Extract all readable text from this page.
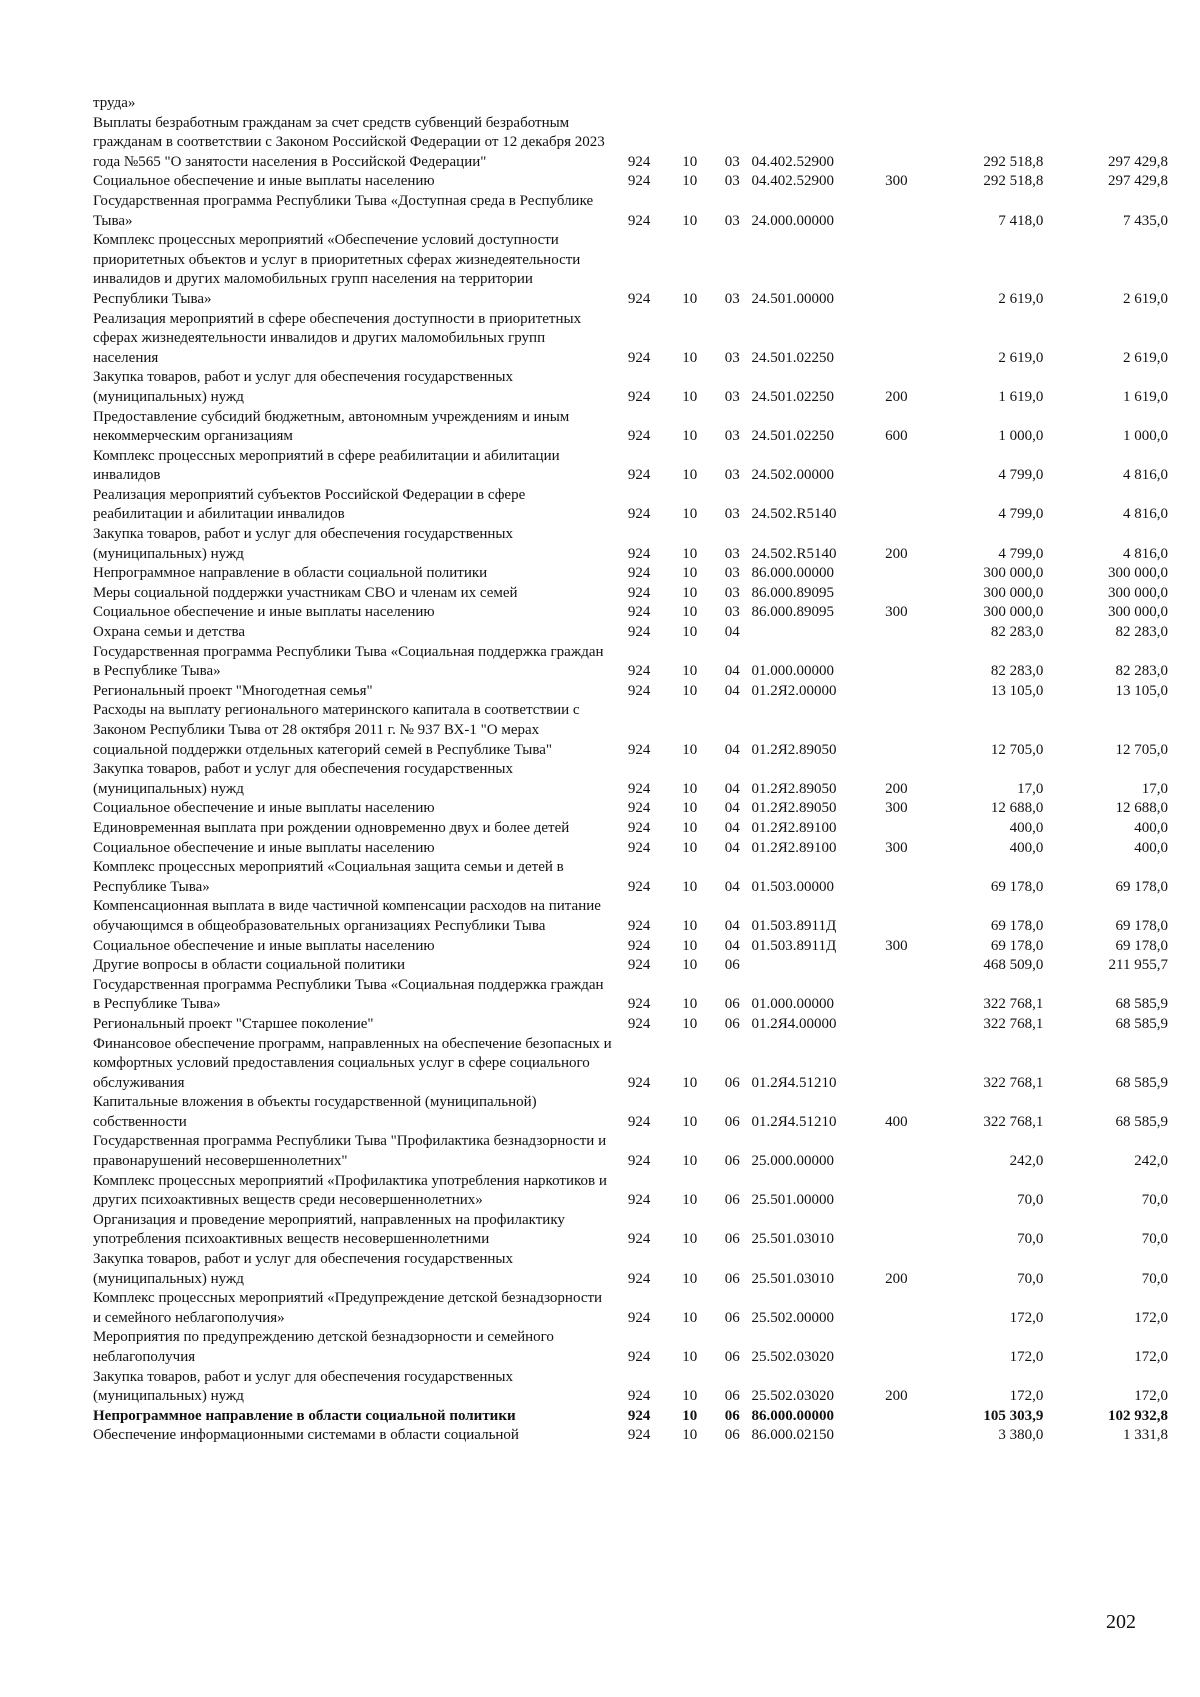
труда»							
Выплаты безработным гражданам за счет средств субвенций безработным гражданам в соответствии с Законом Российской Федерации от 12 декабря 2023 года №565 "О занятости населения в Российской Федерации"	924	10	03	04.402.52900		292 518,8	297 429,8
Социальное обеспечение и иные выплаты населению	924	10	03	04.402.52900	300	292 518,8	297 429,8
Государственная программа Республики Тыва «Доступная среда в Республике Тыва»	924	10	03	24.000.00000		7 418,0	7 435,0
Комплекс процессных мероприятий «Обеспечение условий доступности приоритетных объектов и услуг в приоритетных сферах жизнедеятельности инвалидов и других маломобильных групп населения на территории Республики Тыва»	924	10	03	24.501.00000		2 619,0	2 619,0
Реализация мероприятий в сфере обеспечения доступности в приоритетных сферах жизнедеятельности инвалидов и других маломобильных групп населения	924	10	03	24.501.02250		2 619,0	2 619,0
Закупка товаров, работ и услуг для обеспечения государственных (муниципальных) нужд	924	10	03	24.501.02250	200	1 619,0	1 619,0
Предоставление субсидий бюджетным, автономным учреждениям и иным некоммерческим организациям	924	10	03	24.501.02250	600	1 000,0	1 000,0
Комплекс процессных мероприятий в сфере реабилитации и абилитации инвалидов	924	10	03	24.502.00000		4 799,0	4 816,0
Реализация мероприятий субъектов Российской Федерации в сфере реабилитации и абилитации инвалидов	924	10	03	24.502.R5140		4 799,0	4 816,0
Закупка товаров, работ и услуг для обеспечения государственных (муниципальных) нужд	924	10	03	24.502.R5140	200	4 799,0	4 816,0
Непрограммное направление в области социальной политики	924	10	03	86.000.00000		300 000,0	300 000,0
Меры социальной поддержки участникам СВО и членам их семей	924	10	03	86.000.89095		300 000,0	300 000,0
Социальное обеспечение и иные выплаты населению	924	10	03	86.000.89095	300	300 000,0	300 000,0
Охрана семьи и детства	924	10	04			82 283,0	82 283,0
Государственная программа Республики Тыва «Социальная поддержка граждан в Республике Тыва»	924	10	04	01.000.00000		82 283,0	82 283,0
Региональный проект "Многодетная семья"	924	10	04	01.2Я2.00000		13 105,0	13 105,0
Расходы на выплату регионального материнского капитала в соответствии с Законом Республики Тыва от 28 октября 2011 г. № 937 ВХ-1 "О мерах социальной поддержки отдельных категорий семей в Республике Тыва"	924	10	04	01.2Я2.89050		12 705,0	12 705,0
Закупка товаров, работ и услуг для обеспечения государственных (муниципальных) нужд	924	10	04	01.2Я2.89050	200	17,0	17,0
Социальное обеспечение и иные выплаты населению	924	10	04	01.2Я2.89050	300	12 688,0	12 688,0
Единовременная выплата при рождении одновременно двух и более детей	924	10	04	01.2Я2.89100		400,0	400,0
Социальное обеспечение и иные выплаты населению	924	10	04	01.2Я2.89100	300	400,0	400,0
Комплекс процессных мероприятий «Социальная защита семьи и детей в Республике Тыва»	924	10	04	01.503.00000		69 178,0	69 178,0
Компенсационная выплата в виде частичной компенсации расходов на питание обучающимся в общеобразовательных организациях Республики Тыва	924	10	04	01.503.8911Д		69 178,0	69 178,0
Социальное обеспечение и иные выплаты населению	924	10	04	01.503.8911Д	300	69 178,0	69 178,0
Другие вопросы в области социальной политики	924	10	06			468 509,0	211 955,7
Государственная программа Республики Тыва «Социальная поддержка граждан в Республике Тыва»	924	10	06	01.000.00000		322 768,1	68 585,9
Региональный проект "Старшее поколение"	924	10	06	01.2Я4.00000		322 768,1	68 585,9
Финансовое обеспечение программ, направленных на обеспечение безопасных и комфортных условий предоставления социальных услуг в сфере социального обслуживания	924	10	06	01.2Я4.51210		322 768,1	68 585,9
Капитальные вложения в объекты государственной (муниципальной) собственности	924	10	06	01.2Я4.51210	400	322 768,1	68 585,9
Государственная программа Республики Тыва "Профилактика безнадзорности и правонарушений несовершеннолетних"	924	10	06	25.000.00000		242,0	242,0
Комплекс процессных мероприятий «Профилактика употребления наркотиков и других психоактивных веществ среди несовершеннолетних»	924	10	06	25.501.00000		70,0	70,0
Организация и проведение мероприятий, направленных на профилактику употребления психоактивных веществ несовершеннолетними	924	10	06	25.501.03010		70,0	70,0
Закупка товаров, работ и услуг для обеспечения государственных (муниципальных) нужд	924	10	06	25.501.03010	200	70,0	70,0
Комплекс процессных мероприятий «Предупреждение детской безнадзорности и семейного неблагополучия»	924	10	06	25.502.00000		172,0	172,0
Мероприятия по предупреждению детской безнадзорности и семейного неблагополучия	924	10	06	25.502.03020		172,0	172,0
Закупка товаров, работ и услуг для обеспечения государственных (муниципальных) нужд	924	10	06	25.502.03020	200	172,0	172,0
Непрограммное направление в области социальной политики	924	10	06	86.000.00000		105 303,9	102 932,8
Обеспечение информационными системами в области социальной	924	10	06	86.000.02150		3 380,0	1 331,8
202
